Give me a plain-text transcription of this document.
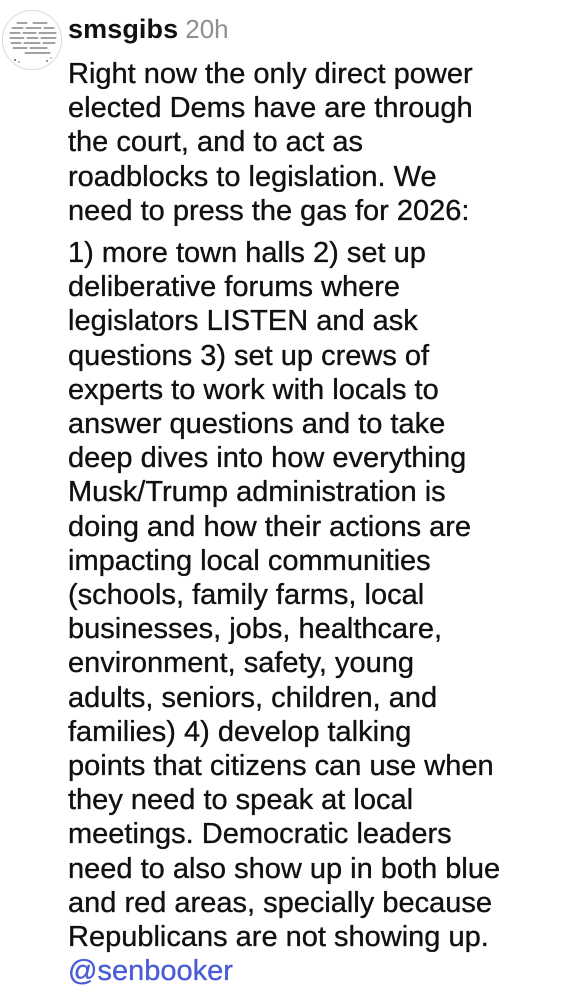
smsgibs 20h

Right now the only direct power
elected Dems have are through
the court, and to act as
roadblocks to legislation. We
need to press the gas for 2026:

1) more town halls 2) set up
deliberative forums where
legislators LISTEN and ask
questions 3) set up crews of
experts to work with locals to
answer questions and to take
deep dives into how everything
Musk/Trump administration is
doing and how their actions are
impacting local communities
(schools, family farms, local
businesses, jobs, healthcare,
environment, safety, young
adults, seniors, children, and
families) 4) develop talking
points that citizens can use when
they need to speak at local
meetings. Democratic leaders
need to also show up in both blue
and red areas, specially because
Republicans are not showing up.

@senbooker
